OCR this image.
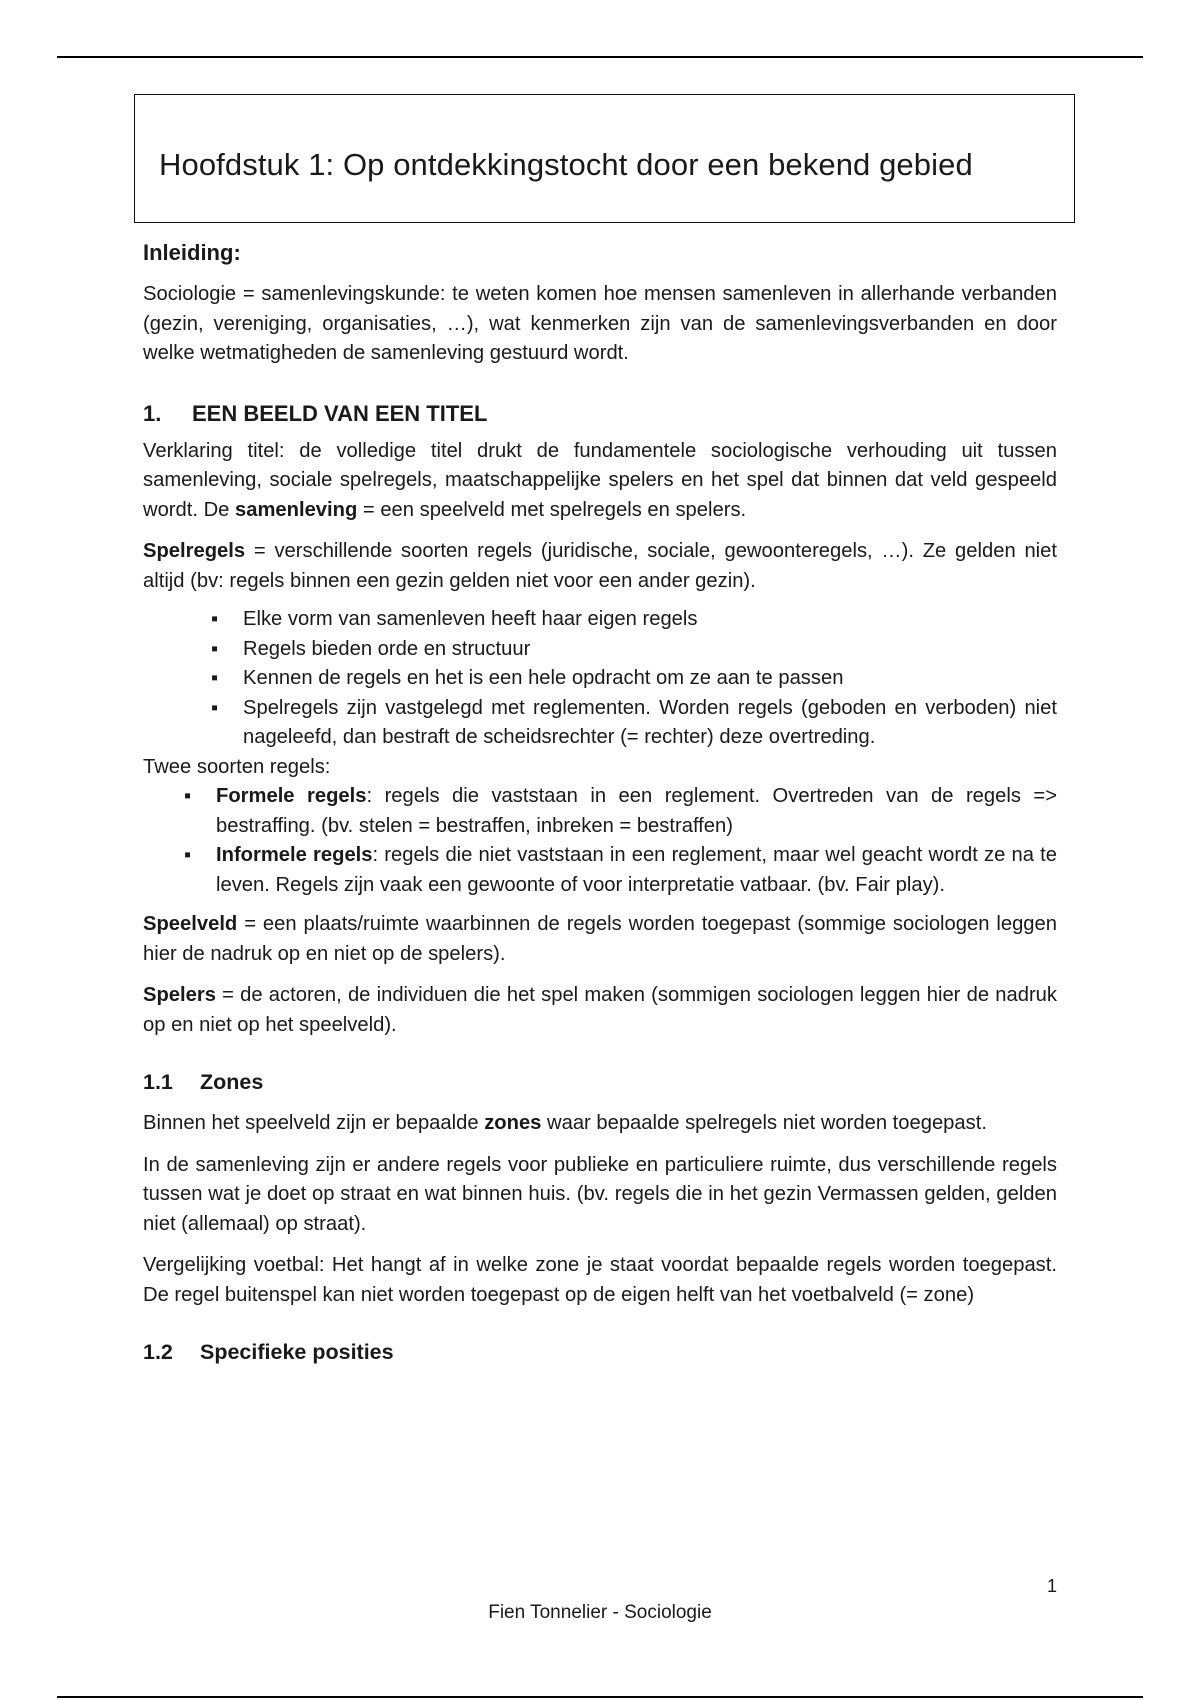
Hoofdstuk 1: Op ontdekkingstocht door een bekend gebied
Inleiding:

Sociologie = samenlevingskunde: te weten komen hoe mensen samenleven in allerhande verbanden (gezin, vereniging, organisaties, …), wat kenmerken zijn van de samenlevingsverbanden en door welke wetmatigheden de samenleving gestuurd wordt.

1. EEN BEELD VAN EEN TITEL

Verklaring titel: de volledige titel drukt de fundamentele sociologische verhouding uit tussen samenleving, sociale spelregels, maatschappelijke spelers en het spel dat binnen dat veld gespeeld wordt. De samenleving = een speelveld met spelregels en spelers.

Spelregels = verschillende soorten regels (juridische, sociale, gewoonteregels, …). Ze gelden niet altijd (bv: regels binnen een gezin gelden niet voor een ander gezin).

▪ Elke vorm van samenleven heeft haar eigen regels
▪ Regels bieden orde en structuur
▪ Kennen de regels en het is een hele opdracht om ze aan te passen
▪ Spelregels zijn vastgelegd met reglementen. Worden regels (geboden en verboden) niet nageleefd, dan bestraft de scheidsrechter (= rechter) deze overtreding.

Twee soorten regels:

▪ Formele regels: regels die vaststaan in een reglement. Overtreden van de regels => bestraffing. (bv. stelen = bestraffen, inbreken = bestraffen)
▪ Informele regels: regels die niet vaststaan in een reglement, maar wel geacht wordt ze na te leven. Regels zijn vaak een gewoonte of voor interpretatie vatbaar. (bv. Fair play).

Speelveld = een plaats/ruimte waarbinnen de regels worden toegepast (sommige sociologen leggen hier de nadruk op en niet op de spelers).

Spelers = de actoren, de individuen die het spel maken (sommigen sociologen leggen hier de nadruk op en niet op het speelveld).

1.1 Zones

Binnen het speelveld zijn er bepaalde zones waar bepaalde spelregels niet worden toegepast.

In de samenleving zijn er andere regels voor publieke en particuliere ruimte, dus verschillende regels tussen wat je doet op straat en wat binnen huis. (bv. regels die in het gezin Vermassen gelden, gelden niet (allemaal) op straat).

Vergelijking voetbal: Het hangt af in welke zone je staat voordat bepaalde regels worden toegepast. De regel buitenspel kan niet worden toegepast op de eigen helft van het voetbalveld (= zone)

1.2 Specifieke posities
1
Fien Tonnelier - Sociologie
